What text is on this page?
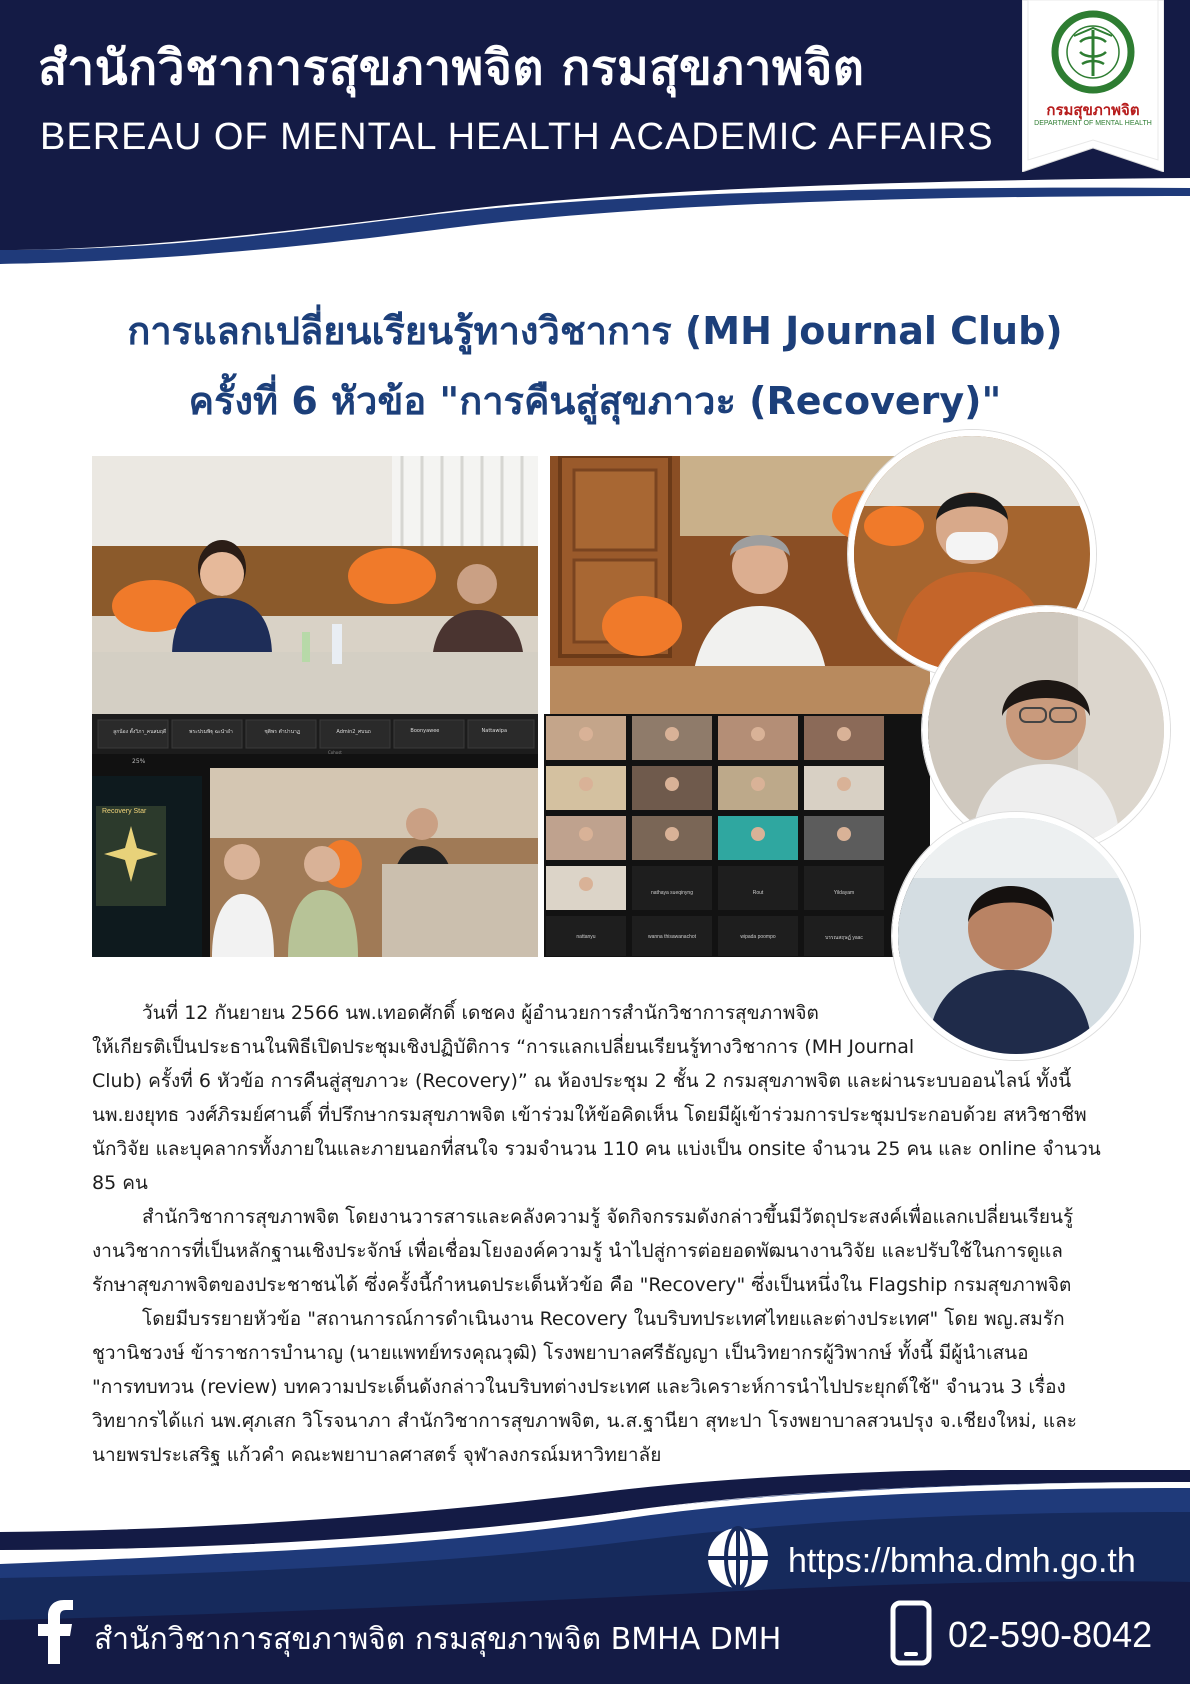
สำนักวิชาการสุขภาพจิต กรมสุขภาพจิต
BEREAU OF MENTAL HEALTH ACADEMIC AFFAIRS
กรมสุขภาพจิต
DEPARTMENT OF MENTAL HEALTH
การแลกเปลี่ยนเรียนรู้ทางวิชาการ (MH Journal Club)
ครั้งที่ 6 หัวข้อ "การคืนสู่สุขภาวะ (Recovery)"
ลูกน้อง ตั้งวิภา_คนสมฤดี	พระปรมพิฐุ ฉะนำอำ	ชุติพร ตำปานาฏ	Admin2_ศบนถ	Boonyawee	Nattawipa
25%
Cohost
Recovery Star
nathaya sueqinyng	Rout	Yildayam
nattanyu	wanna thisawanachot	wipada poompo	บรรณสฤษฏ์ yaac

วันที่ 12 กันยายน 2566 นพ.เทอดศักดิ์ เดชคง ผู้อำนวยการสำนักวิชาการสุขภาพจิต

ให้เกียรติเป็นประธานในพิธีเปิดประชุมเชิงปฏิบัติการ “การแลกเปลี่ยนเรียนรู้ทางวิชาการ (MH Journal

Club) ครั้งที่ 6 หัวข้อ การคืนสู่สุขภาวะ (Recovery)” ณ ห้องประชุม 2 ชั้น 2 กรมสุขภาพจิต และผ่านระบบออนไลน์ ทั้งนี้

นพ.ยงยุทธ วงศ์ภิรมย์ศานติ์ ที่ปรึกษากรมสุขภาพจิต เข้าร่วมให้ข้อคิดเห็น โดยมีผู้เข้าร่วมการประชุมประกอบด้วย สหวิชาชีพ

นักวิจัย และบุคลากรทั้งภายในและภายนอกที่สนใจ รวมจำนวน 110 คน แบ่งเป็น onsite จำนวน 25 คน และ online จำนวน

85 คน

สำนักวิชาการสุขภาพจิต โดยงานวารสารและคลังความรู้ จัดกิจกรรมดังกล่าวขึ้นมีวัตถุประสงค์เพื่อแลกเปลี่ยนเรียนรู้

งานวิชาการที่เป็นหลักฐานเชิงประจักษ์ เพื่อเชื่อมโยงองค์ความรู้ นำไปสู่การต่อยอดพัฒนางานวิจัย และปรับใช้ในการดูแล

รักษาสุขภาพจิตของประชาชนได้ ซึ่งครั้งนี้กำหนดประเด็นหัวข้อ คือ "Recovery" ซึ่งเป็นหนึ่งใน Flagship กรมสุขภาพจิต

โดยมีบรรยายหัวข้อ "สถานการณ์การดำเนินงาน Recovery ในบริบทประเทศไทยและต่างประเทศ" โดย พญ.สมรัก

ชูวานิชวงษ์ ข้าราชการบำนาญ (นายแพทย์ทรงคุณวุฒิ) โรงพยาบาลศรีธัญญา เป็นวิทยากรผู้วิพากษ์ ทั้งนี้ มีผู้นำเสนอ

"การทบทวน (review) บทความประเด็นดังกล่าวในบริบทต่างประเทศ และวิเคราะห์การนำไปประยุกต์ใช้" จำนวน 3 เรื่อง

วิทยากรได้แก่ นพ.ศุภเสก วิโรจนาภา สำนักวิชาการสุขภาพจิต, น.ส.ฐานียา สุทะปา โรงพยาบาลสวนปรุง จ.เชียงใหม่, และ

นายพรประเสริฐ แก้วคำ คณะพยาบาลศาสตร์ จุฬาลงกรณ์มหาวิทยาลัย

https://bmha.dmh.go.th
สำนักวิชาการสุขภาพจิต กรมสุขภาพจิต BMHA DMH	02-590-8042
